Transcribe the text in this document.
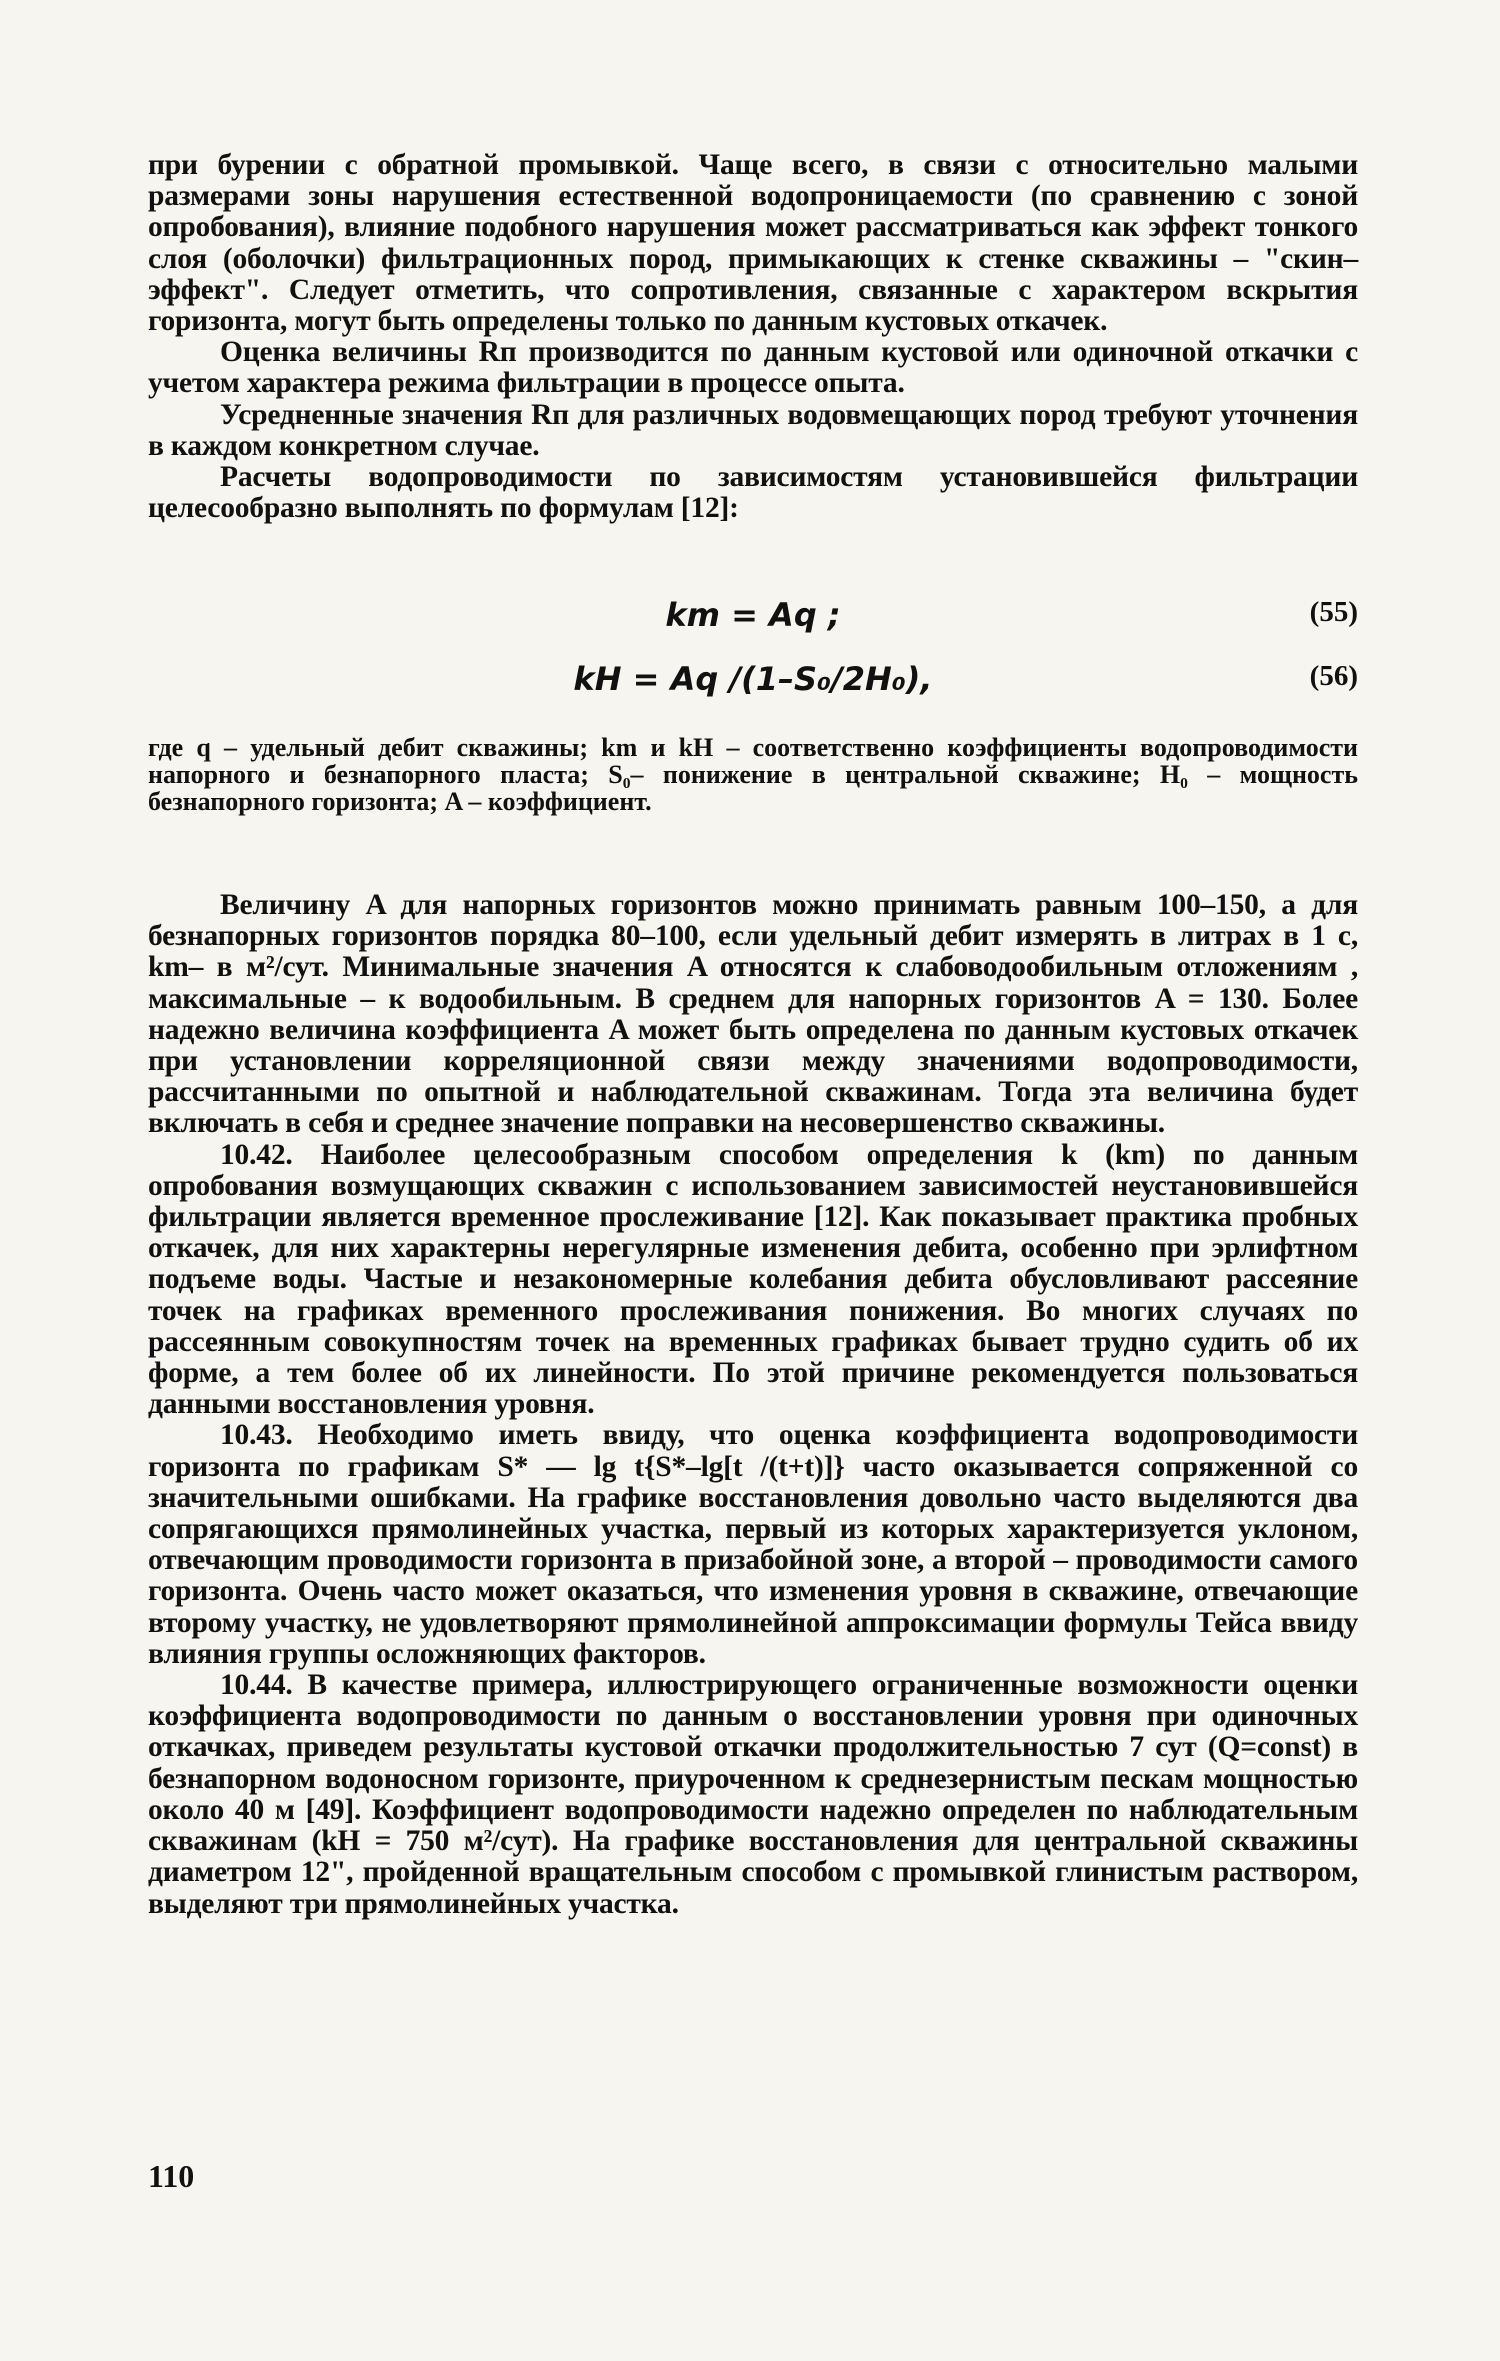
при бурении с обратной промывкой. Чаще всего, в связи с относительно малыми размерами зоны нарушения естественной водопроницаемости (по сравнению с зоной опробования), влияние подобного нарушения может рассматриваться как эффект тонкого слоя (оболочки) фильтрационных пород, примыкающих к стенке скважины – "скин–эффект". Следует отметить, что сопротивления, связанные с характером вскрытия горизонта, могут быть определены только по данным кустовых откачек.

Оценка величины Rп производится по данным кустовой или одиночной откачки с учетом характера режима фильтрации в процессе опыта.

Усредненные значения Rп для различных водовмещающих пород требуют уточнения в каждом конкретном случае.

Расчеты водопроводимости по зависимостям установившейся фильтрации целесообразно выполнять по формулам [12]:

km = Aq ;	(55)
kH = Aq /(1–S₀/2H₀),	(56)

где q – удельный дебит скважины; km и kH – соответственно коэффициенты водопроводимости напорного и безнапорного пласта; S₀– понижение в центральной скважине; H₀ – мощность безнапорного горизонта; A – коэффициент.

Величину A для напорных горизонтов можно принимать равным 100–150, а для безнапорных горизонтов порядка 80–100, если удельный дебит измерять в литрах в 1 с, km– в м²/сут. Минимальные значения A относятся к слабоводообильным отложениям , максимальные – к водообильным. В среднем для напорных горизонтов A = 130. Более надежно величина коэффициента A может быть определена по данным кустовых откачек при установлении корреляционной связи между значениями водопроводимости, рассчитанными по опытной и наблюдательной скважинам. Тогда эта величина будет включать в себя и среднее значение поправки на несовершенство скважины.

10.42. Наиболее целесообразным способом определения k (km) по данным опробования возмущающих скважин с использованием зависимостей неустановившейся фильтрации является временное прослеживание [12]. Как показывает практика пробных откачек, для них характерны нерегулярные изменения дебита, особенно при эрлифтном подъеме воды. Частые и незакономерные колебания дебита обусловливают рассеяние точек на графиках временного прослеживания понижения. Во многих случаях по рассеянным совокупностям точек на временных графиках бывает трудно судить об их форме, а тем более об их линейности. По этой причине рекомендуется пользоваться данными восстановления уровня.

10.43. Необходимо иметь ввиду, что оценка коэффициента водопроводимости горизонта по графикам S* — lg t{S*–lg[t /(t+t)]} часто оказывается сопряженной со значительными ошибками. На графике восстановления довольно часто выделяются два сопрягающихся прямолинейных участка, первый из которых характеризуется уклоном, отвечающим проводимости горизонта в призабойной зоне, а второй – проводимости самого горизонта. Очень часто может оказаться, что изменения уровня в скважине, отвечающие второму участку, не удовлетворяют прямолинейной аппроксимации формулы Тейса ввиду влияния группы осложняющих факторов.

10.44. В качестве примера, иллюстрирующего ограниченные возможности оценки коэффициента водопроводимости по данным о восстановлении уровня при одиночных откачках, приведем результаты кустовой откачки продолжительностью 7 сут (Q=const) в безнапорном водоносном горизонте, приуроченном к среднезернистым пескам мощностью около 40 м [49]. Коэффициент водопроводимости надежно определен по наблюдательным скважинам (kH = 750 м²/сут). На графике восстановления для центральной скважины диаметром 12", пройденной вращательным способом с промывкой глинистым раствором, выделяют три прямолинейных участка.

110
